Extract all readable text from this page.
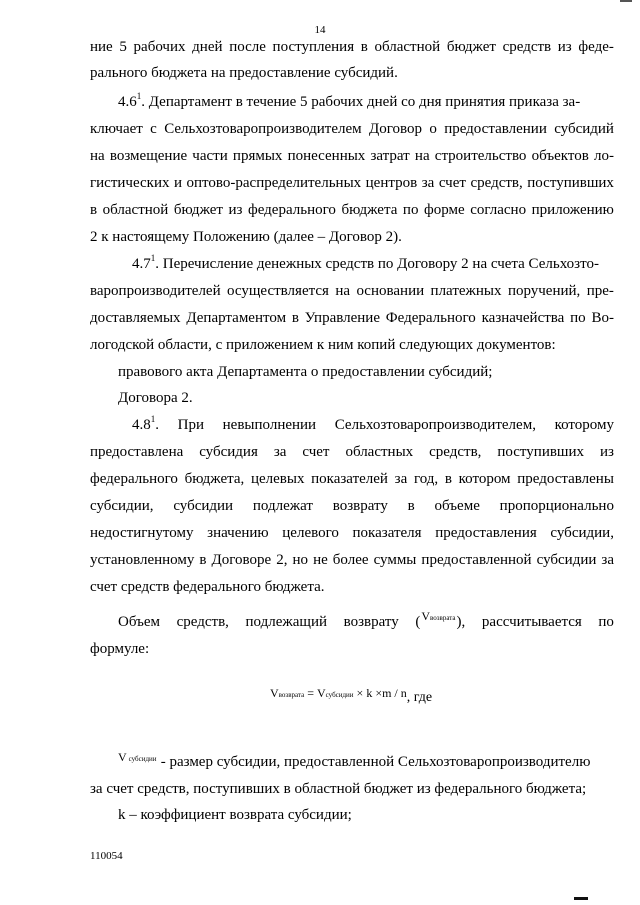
14
ние 5 рабочих дней после поступления в областной бюджет средств из феде-
рального бюджета на предоставление субсидий.
$4.6^1$ . Департамент в течение 5 рабочих дней со дня принятия приказа за-
ключает с Сельхозтоваропроизводителем Договор о предоставлении субсидий
на возмещение части прямых понесенных затрат на строительство объектов ло-
гистических и оптово-распределительных центров за счет средств, поступивших
в областной бюджет из федерального бюджета по форме согласно приложению
2 к настоящему Положению (далее – Договор 2).
$4.7^1$ . Перечисление денежных средств по Договору 2 на счета Сельхозто-
варопроизводителей осуществляется на основании платежных поручений, пре-
доставляемых Департаментом в Управление Федерального казначейства по Во-
логодской области, с приложением к ним копий следующих документов:
правового акта Департамента о предоставлении субсидий;
Договора 2.
$4.8^1$. При невыполнении Сельхозтоваропроизводителем, которому
предоставлена субсидия за счет областных средств, поступивших из
федерального бюджета, целевых показателей за год, в котором предоставлены
субсидии, субсидии подлежат возврату в объеме пропорционально
недостигнутому значению целевого показателя предоставления субсидии,
установленному в Договоре 2, но не более суммы предоставленной субсидии за
счет средств федерального бюджета.
Объем средств, подлежащий возврату ( Vвозврата ), рассчитывается по
формуле:
Vвозврата = Vсубсидии × k ×m / n, где
Vсубсидии - размер субсидии, предоставленной Сельхозтоваропроизводителю
за счет средств, поступивших в областной бюджет из федерального бюджета;
k – коэффициент возврата субсидии;
110054
